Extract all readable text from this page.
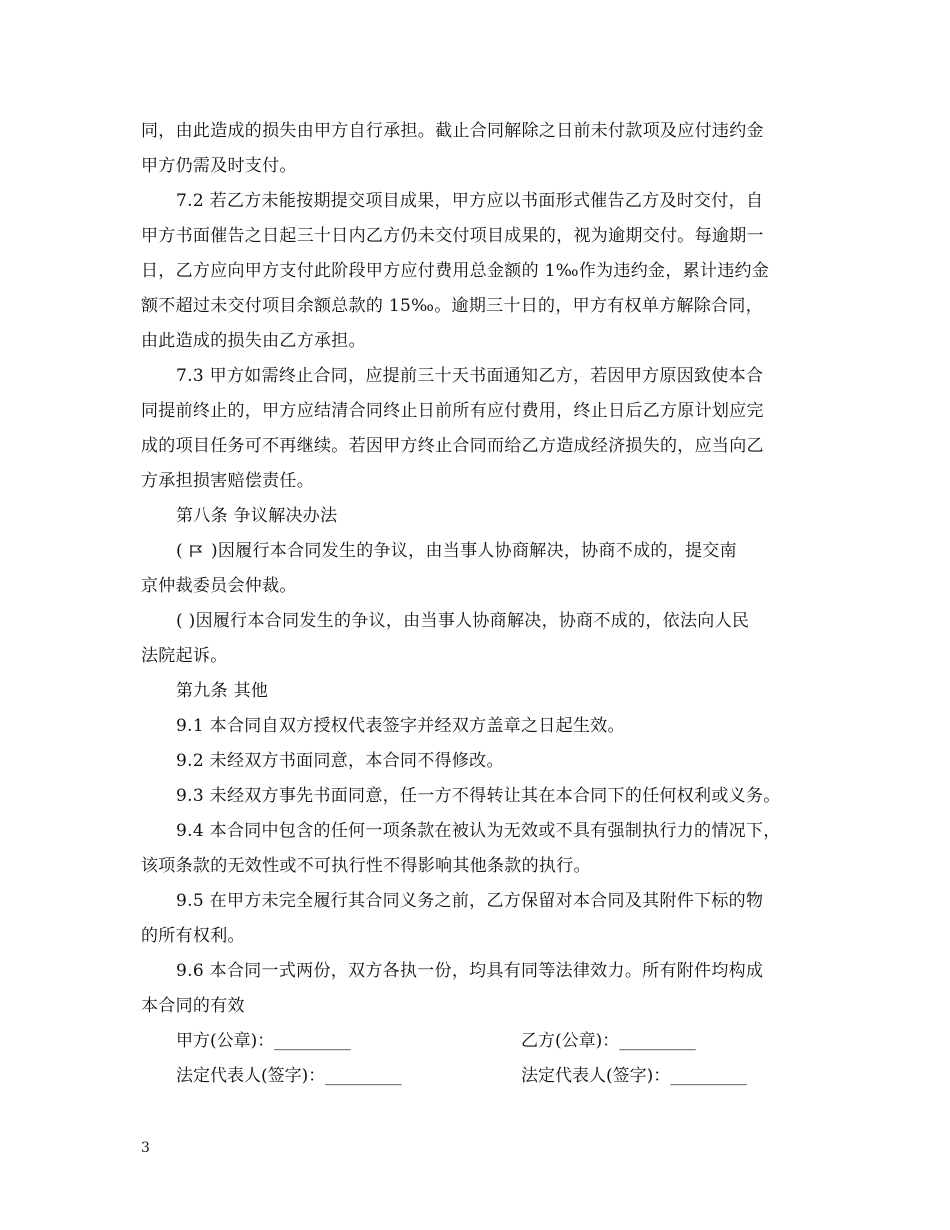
同，由此造成的损失由甲方自行承担。截止合同解除之日前未付款项及应付违约金
甲方仍需及时支付。
7.2 若乙方未能按期提交项目成果，甲方应以书面形式催告乙方及时交付，自
甲方书面催告之日起三十日内乙方仍未交付项目成果的，视为逾期交付。每逾期一
日，乙方应向甲方支付此阶段甲方应付费用总金额的 1‰作为违约金，累计违约金
额不超过未交付项目余额总款的 15‰。逾期三十日的，甲方有权单方解除合同，
由此造成的损失由乙方承担。
7.3 甲方如需终止合同，应提前三十天书面通知乙方，若因甲方原因致使本合
同提前终止的，甲方应结清合同终止日前所有应付费用，终止日后乙方原计划应完
成的项目任务可不再继续。若因甲方终止合同而给乙方造成经济损失的，应当向乙
方承担损害赔偿责任。
第八条 争议解决办法
( )因履行本合同发生的争议，由当事人协商解决，协商不成的，提交南
京仲裁委员会仲裁。
( )因履行本合同发生的争议，由当事人协商解决，协商不成的，依法向人民
法院起诉。
第九条 其他
9.1 本合同自双方授权代表签字并经双方盖章之日起生效。
9.2 未经双方书面同意，本合同不得修改。
9.3 未经双方事先书面同意，任一方不得转让其在本合同下的任何权利或义务。
9.4 本合同中包含的任何一项条款在被认为无效或不具有强制执行力的情况下，
该项条款的无效性或不可执行性不得影响其他条款的执行。
9.5 在甲方未完全履行其合同义务之前，乙方保留对本合同及其附件下标的物
的所有权利。
9.6 本合同一式两份，双方各执一份，均具有同等法律效力。所有附件均构成
本合同的有效
甲方(公章)：_________	乙方(公章)：_________
法定代表人(签字)：_________	法定代表人(签字)：_________
3
